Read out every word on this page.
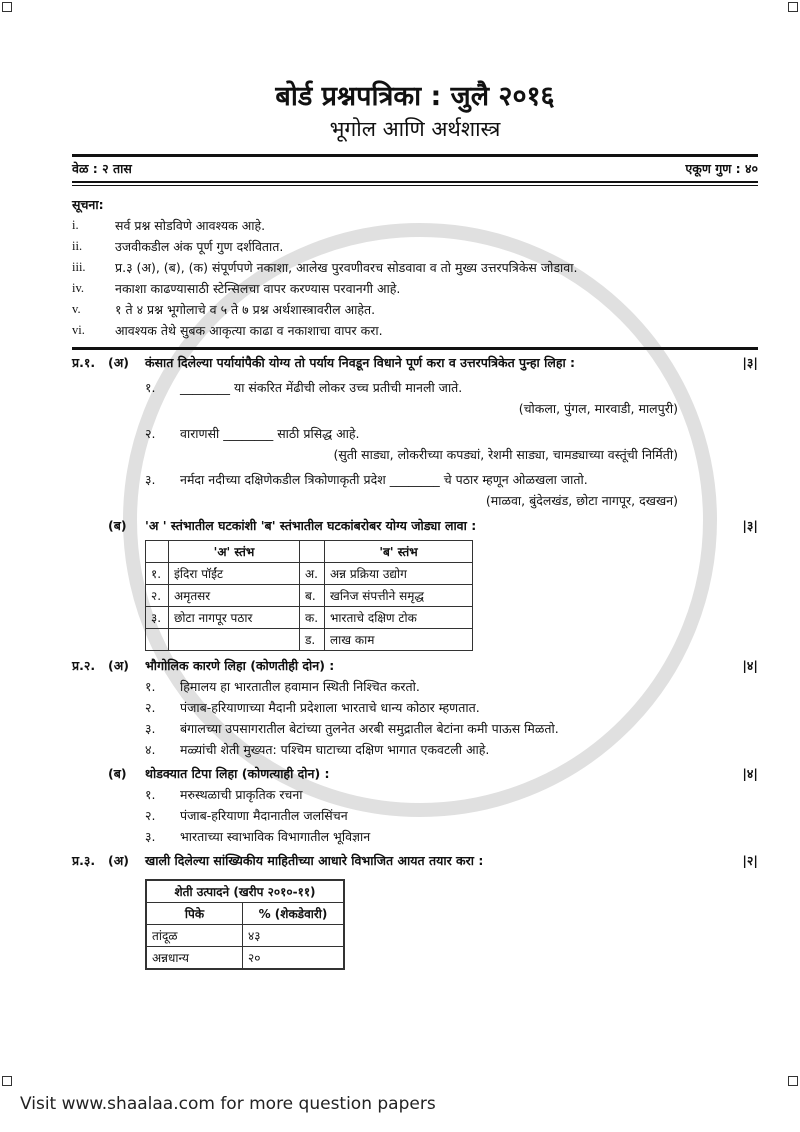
बोर्ड प्रश्नपत्रिका : जुलै २०१६
भूगोल आणि अर्थशास्त्र
वेळ : २ तास	एकूण गुण : ४०
सूचना:
i.	सर्व प्रश्न सोडविणे आवश्यक आहे.
ii.	उजवीकडील अंक पूर्ण गुण दर्शवितात.
iii.	प्र.३ (अ), (ब), (क) संपूर्णपणे नकाशा, आलेख पुरवणीवरच सोडवावा व तो मुख्य उत्तरपत्रिकेस जोडावा.
iv.	नकाशा काढण्यासाठी स्टेन्सिलचा वापर करण्यास परवानगी आहे.
v.	१ ते ४ प्रश्न भूगोलाचे व ५ ते ७ प्रश्न अर्थशास्त्रावरील आहेत.
vi.	आवश्यक तेथे सुबक आकृत्या काढा व नकाशाचा वापर करा.
प्र.१.	(अ)	कंसात दिलेल्या पर्यायांपैकी योग्य तो पर्याय निवडून विधाने पूर्ण करा व उत्तरपत्रिकेत पुन्हा लिहा :	|३|
१.	________ या संकरित मेंढीची लोकर उच्च प्रतीची मानली जाते.
(चोकला, पुंगल, मारवाडी, मालपुरी)
२.	वाराणसी ________ साठी प्रसिद्ध आहे.
(सुती साड्या, लोकरीच्या कपड्यां, रेशमी साड्या, चामड्याच्या वस्तूंची निर्मिती)
३.	नर्मदा नदीच्या दक्षिणेकडील त्रिकोणाकृती प्रदेश ________ चे पठार म्हणून ओळखला जातो.
(माळवा, बुंदेलखंड, छोटा नागपूर, दखखन)
(ब)	'अ ' स्तंभातील घटकांशी 'ब' स्तंभातील घटकांबरोबर योग्य जोड्या लावा :	|३|
	'अ' स्तंभ		'ब' स्तंभ
१.	इंदिरा पॉईंट	अ.	अन्न प्रक्रिया उद्योग
२.	अमृतसर	ब.	खनिज संपत्तीने समृद्ध
३.	छोटा नागपूर पठार	क.	भारताचे दक्षिण टोक
		ड.	लाख काम
प्र.२.	(अ)	भौगोलिक कारणे लिहा (कोणतीही दोन) :	|४|
१.	हिमालय हा भारतातील हवामान स्थिती निश्चित करतो.
२.	पंजाब-हरियाणाच्या मैदानी प्रदेशाला भारताचे धान्य कोठार म्हणतात.
३.	बंगालच्या उपसागरातील बेटांच्या तुलनेत अरबी समुद्रातील बेटांना कमी पाऊस मिळतो.
४.	मळ्यांची शेती मुख्यत: पश्चिम घाटाच्या दक्षिण भागात एकवटली आहे.
(ब)	थोडक्यात टिपा लिहा (कोणत्याही दोन) :	|४|
१.	मरुस्थळाची प्राकृतिक रचना
२.	पंजाब-हरियाणा मैदानातील जलसिंचन
३.	भारताच्या स्वाभाविक विभागातील भूविज्ञान
प्र.३.	(अ)	खाली दिलेल्या सांख्यिकीय माहितीच्या आधारे विभाजित आयत तयार करा :	|२|
शेती उत्पादने (खरीप २०१०-११)	
पिके	% (शेकडेवारी)
तांदूळ	४३
अन्नधान्य	२०
Visit www.shaalaa.com for more question papers
